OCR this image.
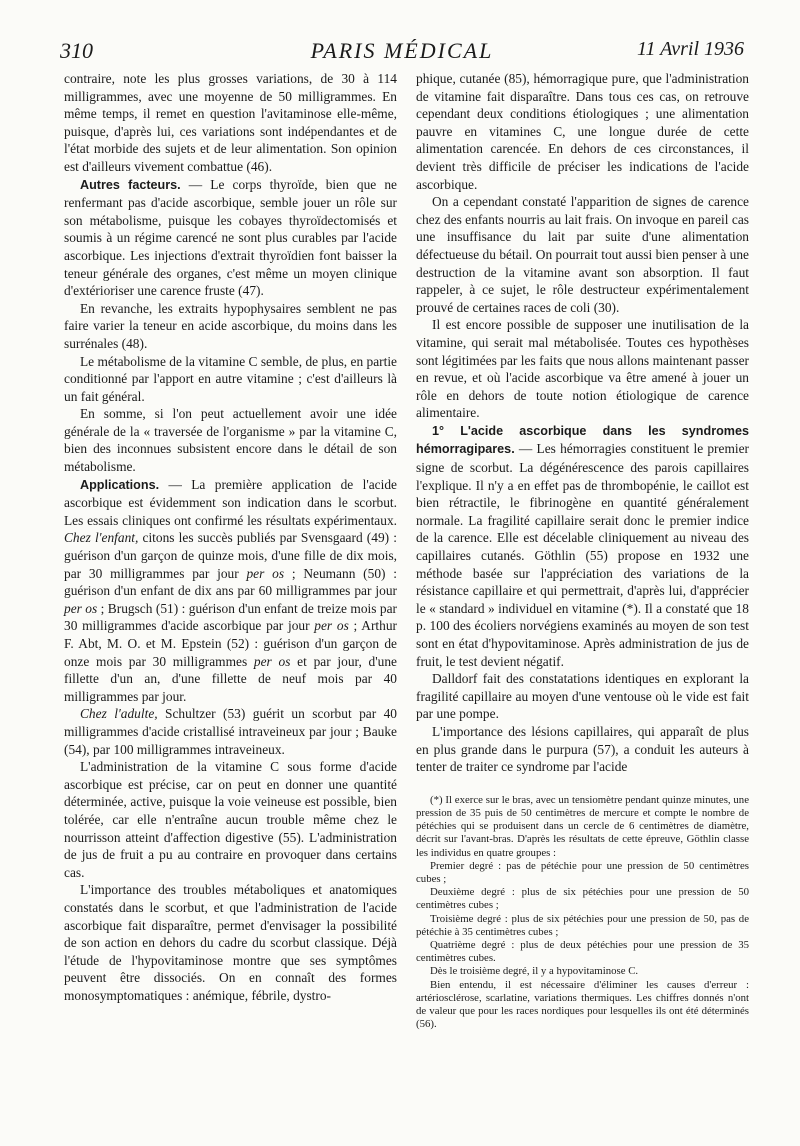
310	PARIS MÉDICAL	11 Avril 1936

contraire, note les plus grosses variations, de 30 à 114 milligrammes, avec une moyenne de 50 milligrammes. En même temps, il remet en question l'avitaminose elle-même, puisque, d'après lui, ces variations sont indépendantes et de l'état morbide des sujets et de leur alimentation. Son opinion est d'ailleurs vivement combattue (46).

Autres facteurs. — Le corps thyroïde, bien que ne renfermant pas d'acide ascorbique, semble jouer un rôle sur son métabolisme, puisque les cobayes thyroïdectomisés et soumis à un régime carencé ne sont plus curables par l'acide ascorbique. Les injections d'extrait thyroïdien font baisser la teneur générale des organes, c'est même un moyen clinique d'extérioriser une carence fruste (47).

En revanche, les extraits hypophysaires semblent ne pas faire varier la teneur en acide ascorbique, du moins dans les surrénales (48).

Le métabolisme de la vitamine C semble, de plus, en partie conditionné par l'apport en autre vitamine ; c'est d'ailleurs là un fait général.

En somme, si l'on peut actuellement avoir une idée générale de la « traversée de l'organisme » par la vitamine C, bien des inconnues subsistent encore dans le détail de son métabolisme.

Applications. — La première application de l'acide ascorbique est évidemment son indication dans le scorbut. Les essais cliniques ont confirmé les résultats expérimentaux. Chez l'enfant, citons les succès publiés par Svensgaard (49) : guérison d'un garçon de quinze mois, d'une fille de dix mois, par 30 milligrammes par jour per os ; Neumann (50) : guérison d'un enfant de dix ans par 60 milligrammes par jour per os ; Brugsch (51) : guérison d'un enfant de treize mois par 30 milligrammes d'acide ascorbique par jour per os ; Arthur F. Abt, M. O. et M. Epstein (52) : guérison d'un garçon de onze mois par 30 milligrammes per os et par jour, d'une fillette d'un an, d'une fillette de neuf mois par 40 milligrammes par jour.

Chez l'adulte, Schultzer (53) guérit un scorbut par 40 milligrammes d'acide cristallisé intraveineux par jour ; Bauke (54), par 100 milligrammes intraveineux.

L'administration de la vitamine C sous forme d'acide ascorbique est précise, car on peut en donner une quantité déterminée, active, puisque la voie veineuse est possible, bien tolérée, car elle n'entraîne aucun trouble même chez le nourrisson atteint d'affection digestive (55). L'administration de jus de fruit a pu au contraire en provoquer dans certains cas.

L'importance des troubles métaboliques et anatomiques constatés dans le scorbut, et que l'administration de l'acide ascorbique fait disparaître, permet d'envisager la possibilité de son action en dehors du cadre du scorbut classique. Déjà l'étude de l'hypovitaminose montre que ses symptômes peuvent être dissociés. On en connaît des formes monosymptomatiques : anémique, fébrile, dystro-

phique, cutanée (85), hémorragique pure, que l'administration de vitamine fait disparaître. Dans tous ces cas, on retrouve cependant deux conditions étiologiques ; une alimentation pauvre en vitamines C, une longue durée de cette alimentation carencée. En dehors de ces circonstances, il devient très difficile de préciser les indications de l'acide ascorbique.

On a cependant constaté l'apparition de signes de carence chez des enfants nourris au lait frais. On invoque en pareil cas une insuffisance du lait par suite d'une alimentation défectueuse du bétail. On pourrait tout aussi bien penser à une destruction de la vitamine avant son absorption. Il faut rappeler, à ce sujet, le rôle destructeur expérimentalement prouvé de certaines races de coli (30).

Il est encore possible de supposer une inutilisation de la vitamine, qui serait mal métabolisée. Toutes ces hypothèses sont légitimées par les faits que nous allons maintenant passer en revue, et où l'acide ascorbique va être amené à jouer un rôle en dehors de toute notion étiologique de carence alimentaire.

1° L'acide ascorbique dans les syndromes hémorragipares. — Les hémorragies constituent le premier signe de scorbut. La dégénérescence des parois capillaires l'explique. Il n'y a en effet pas de thrombopénie, le caillot est bien rétractile, le fibrinogène en quantité généralement normale. La fragilité capillaire serait donc le premier indice de la carence. Elle est décelable cliniquement au niveau des capillaires cutanés. Göthlin (55) propose en 1932 une méthode basée sur l'appréciation des variations de la résistance capillaire et qui permettrait, d'après lui, d'apprécier le « standard » individuel en vitamine (*). Il a constaté que 18 p. 100 des écoliers norvégiens examinés au moyen de son test sont en état d'hypovitaminose. Après administration de jus de fruit, le test devient négatif.

Dalldorf fait des constatations identiques en explorant la fragilité capillaire au moyen d'une ventouse où le vide est fait par une pompe.

L'importance des lésions capillaires, qui apparaît de plus en plus grande dans le purpura (57), a conduit les auteurs à tenter de traiter ce syndrome par l'acide

(*) Il exerce sur le bras, avec un tensiomètre pendant quinze minutes, une pression de 35 puis de 50 centimètres de mercure et compte le nombre de pétéchies qui se produisent dans un cercle de 6 centimètres de diamètre, décrit sur l'avant-bras. D'après les résultats de cette épreuve, Göthlin classe les individus en quatre groupes :

Premier degré : pas de pétéchie pour une pression de 50 centimètres cubes ;

Deuxième degré : plus de six pétéchies pour une pression de 50 centimètres cubes ;

Troisième degré : plus de six pétéchies pour une pression de 50, pas de pétéchie à 35 centimètres cubes ;

Quatrième degré : plus de deux pétéchies pour une pression de 35 centimètres cubes.

Dès le troisième degré, il y a hypovitaminose C.

Bien entendu, il est nécessaire d'éliminer les causes d'erreur : artériosclérose, scarlatine, variations thermiques. Les chiffres donnés n'ont de valeur que pour les races nordiques pour lesquelles ils ont été déterminés (56).
